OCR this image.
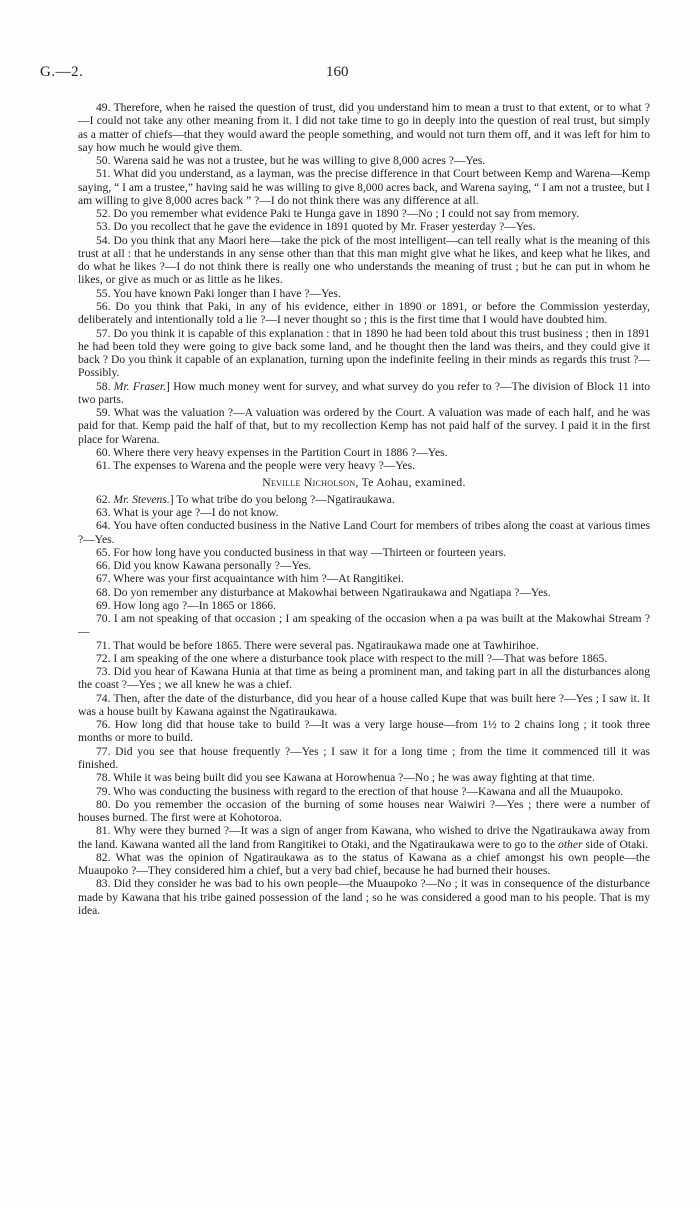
G.—2.	160

49. Therefore, when he raised the question of trust, did you understand him to mean a trust to that extent, or to what ?—I could not take any other meaning from it. I did not take time to go in deeply into the question of real trust, but simply as a matter of chiefs—that they would award the people something, and would not turn them off, and it was left for him to say how much he would give them.

50. Warena said he was not a trustee, but he was willing to give 8,000 acres ?—Yes.

51. What did you understand, as a layman, was the precise difference in that Court between Kemp and Warena—Kemp saying, “ I am a trustee,” having said he was willing to give 8,000 acres back, and Warena saying, “ I am not a trustee, but I am willing to give 8,000 acres back ” ?—I do not think there was any difference at all.

52. Do you remember what evidence Paki te Hunga gave in 1890 ?—No ; I could not say from memory.

53. Do you recollect that he gave the evidence in 1891 quoted by Mr. Fraser yesterday ?—Yes.

54. Do you think that any Maori here—take the pick of the most intelligent—can tell really what is the meaning of this trust at all : that he understands in any sense other than that this man might give what he likes, and keep what he likes, and do what he likes ?—I do not think there is really one who understands the meaning of trust ; but he can put in whom he likes, or give as much or as little as he likes.

55. You have known Paki longer than I have ?—Yes.

56. Do you think that Paki, in any of his evidence, either in 1890 or 1891, or before the Commission yesterday, deliberately and intentionally told a lie ?—I never thought so ; this is the first time that I would have doubted him.

57. Do you think it is capable of this explanation : that in 1890 he had been told about this trust business ; then in 1891 he had been told they were going to give back some land, and he thought then the land was theirs, and they could give it back ? Do you think it capable of an explanation, turning upon the indefinite feeling in their minds as regards this trust ?—Possibly.

58. Mr. Fraser.] How much money went for survey, and what survey do you refer to ?—The division of Block 11 into two parts.

59. What was the valuation ?—A valuation was ordered by the Court. A valuation was made of each half, and he was paid for that. Kemp paid the half of that, but to my recollection Kemp has not paid half of the survey. I paid it in the first place for Warena.

60. Where there very heavy expenses in the Partition Court in 1886 ?—Yes.

61. The expenses to Warena and the people were very heavy ?—Yes.

Neville Nicholson, Te Aohau, examined.

62. Mr. Stevens.] To what tribe do you belong ?—Ngatiraukawa.

63. What is your age ?—I do not know.

64. You have often conducted business in the Native Land Court for members of tribes along the coast at various times ?—Yes.

65. For how long have you conducted business in that way —Thirteen or fourteen years.

66. Did you know Kawana personally ?—Yes.

67. Where was your first acquaintance with him ?—At Rangitikei.

68. Do yon remember any disturbance at Makowhai between Ngatiraukawa and Ngatiapa ?—Yes.

69. How long ago ?—In 1865 or 1866.

70. I am not speaking of that occasion ; I am speaking of the occasion when a pa was built at the Makowhai Stream ?—

71. That would be before 1865. There were several pas. Ngatiraukawa made one at Tawhirihoe.

72. I am speaking of the one where a disturbance took place with respect to the mill ?—That was before 1865.

73. Did you hear of Kawana Hunia at that time as being a prominent man, and taking part in all the disturbances along the coast ?—Yes ; we all knew he was a chief.

74. Then, after the date of the disturbance, did you hear of a house called Kupe that was built here ?—Yes ; I saw it. It was a house built by Kawana against the Ngatiraukawa.

76. How long did that house take to build ?—It was a very large house—from 1½ to 2 chains long ; it took three months or more to build.

77. Did you see that house frequently ?—Yes ; I saw it for a long time ; from the time it commenced till it was finished.

78. While it was being built did you see Kawana at Horowhenua ?—No ; he was away fighting at that time.

79. Who was conducting the business with regard to the erection of that house ?—Kawana and all the Muaupoko.

80. Do you remember the occasion of the burning of some houses near Waiwiri ?—Yes ; there were a number of houses burned. The first were at Kohotoroa.

81. Why were they burned ?—It was a sign of anger from Kawana, who wished to drive the Ngatiraukawa away from the land. Kawana wanted all the land from Rangitikei to Otaki, and the Ngatiraukawa were to go to the other side of Otaki.

82. What was the opinion of Ngatiraukawa as to the status of Kawana as a chief amongst his own people—the Muaupoko ?—They considered him a chief, but a very bad chief, because he had burned their houses.

83. Did they consider he was bad to his own people—the Muaupoko ?—No ; it was in consequence of the disturbance made by Kawana that his tribe gained possession of the land ; so he was considered a good man to his people. That is my idea.
